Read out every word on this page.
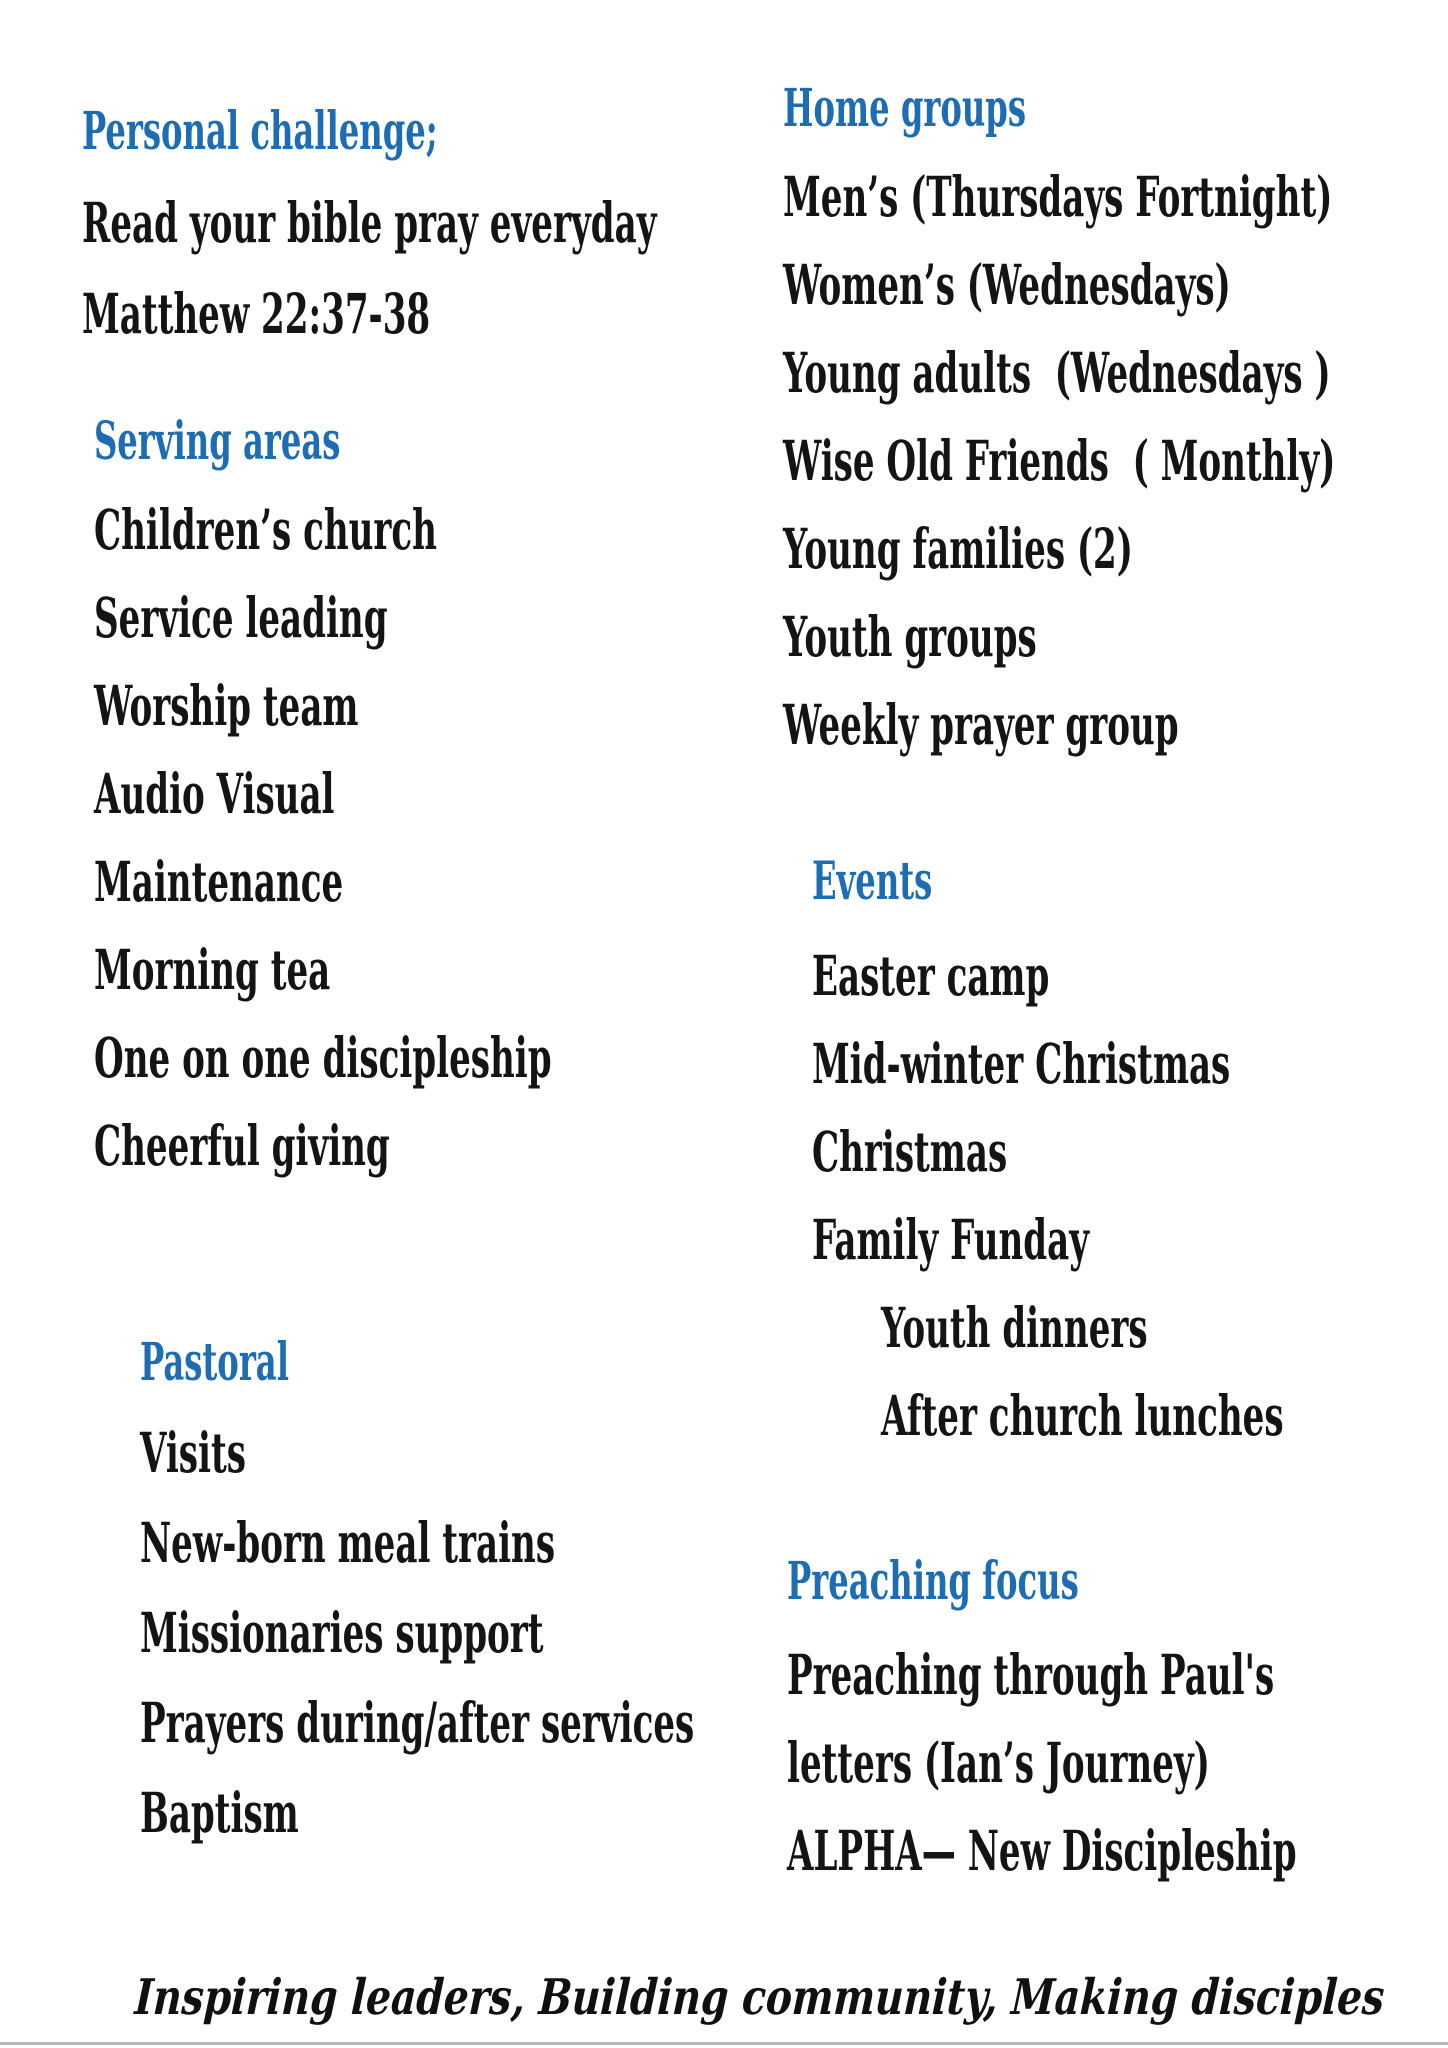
Personal challenge;
Read your bible pray everyday
Matthew 22:37-38
Serving areas
Children’s church
Service leading
Worship team
Audio Visual
Maintenance
Morning tea
One on one discipleship
Cheerful giving
Pastoral
Visits
New-born meal trains
Missionaries support
Prayers during/after services
Baptism
Home groups
Men’s (Thursdays Fortnight)
Women’s (Wednesdays)
Young adults  (Wednesdays )
Wise Old Friends  ( Monthly)
Young families (2)
Youth groups
Weekly prayer group
Events
Easter camp
Mid-winter Christmas
Christmas
Family Funday
Youth dinners
After church lunches
Preaching focus
Preaching through Paul's
letters (Ian’s Journey)
ALPHA— New Discipleship
Inspiring leaders, Building community, Making disciples
